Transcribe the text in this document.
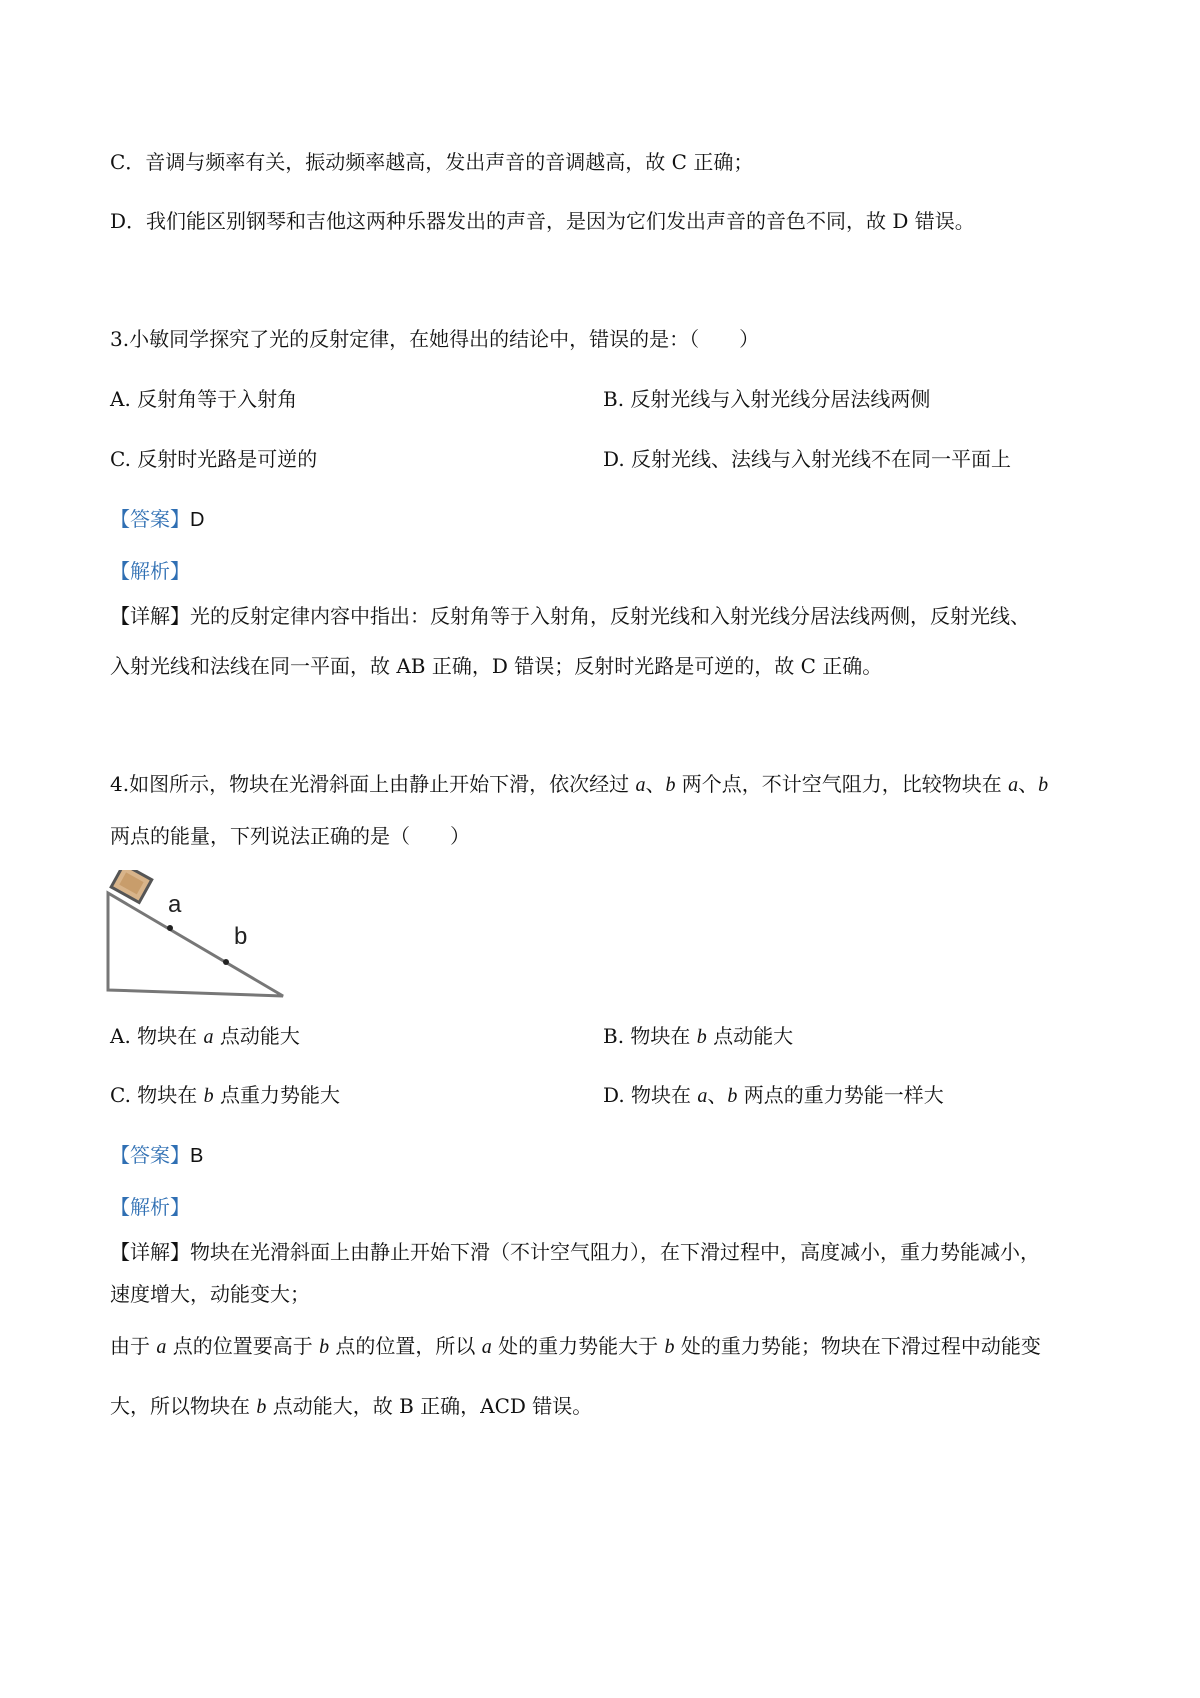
C．音调与频率有关，振动频率越高，发出声音的音调越高，故 C 正确；
D．我们能区别钢琴和吉他这两种乐器发出的声音，是因为它们发出声音的音色不同，故 D 错误。
3.小敏同学探究了光的反射定律，在她得出的结论中，错误的是：（　　）
A. 反射角等于入射角	B. 反射光线与入射光线分居法线两侧
C. 反射时光路是可逆的	D. 反射光线、法线与入射光线不在同一平面上
【答案】D
【解析】
【详解】光的反射定律内容中指出：反射角等于入射角，反射光线和入射光线分居法线两侧，反射光线、
入射光线和法线在同一平面，故 AB 正确，D 错误；反射时光路是可逆的，故 C 正确。
4.如图所示，物块在光滑斜面上由静止开始下滑，依次经过 a、b 两个点，不计空气阻力，比较物块在 a、b
两点的能量，下列说法正确的是（　　）
a
b
A. 物块在 a 点动能大	B. 物块在 b 点动能大
C. 物块在 b 点重力势能大	D. 物块在 a、b 两点的重力势能一样大
【答案】B
【解析】
【详解】物块在光滑斜面上由静止开始下滑（不计空气阻力），在下滑过程中，高度减小，重力势能减小，
速度增大，动能变大；
由于 a 点的位置要高于 b 点的位置，所以 a 处的重力势能大于 b 处的重力势能；物块在下滑过程中动能变
大，所以物块在 b 点动能大，故 B 正确，ACD 错误。
